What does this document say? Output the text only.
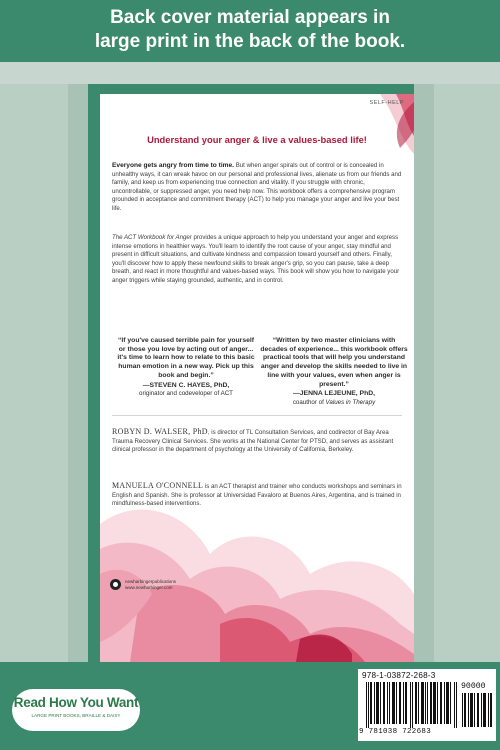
Back cover material appears in
large print in the back of the book.
SELF-HELP
Understand your anger & live a values-based life!

Everyone gets angry from time to time. But when anger spirals out of control or is concealed in unhealthy ways, it can wreak havoc on our personal and professional lives, alienate us from our friends and family, and keep us from experiencing true connection and vitality. If you struggle with chronic, uncontrollable, or suppressed anger, you need help now. This workbook offers a comprehensive program grounded in acceptance and commitment therapy (ACT) to help you manage your anger and live your best life.

The ACT Workbook for Anger provides a unique approach to help you understand your anger and express intense emotions in healthier ways. You'll learn to identify the root cause of your anger, stay mindful and present in difficult situations, and cultivate kindness and compassion toward yourself and others. Finally, you'll discover how to apply these newfound skills to break anger's grip, so you can pause, take a deep breath, and react in more thoughtful and values-based ways. This book will show you how to navigate your anger triggers while staying grounded, authentic, and in control.

“If you've caused terrible pain for yourself or those you love by acting out of anger... it's time to learn how to relate to this basic human emotion in a new way. Pick up this book and begin.”
—STEVEN C. HAYES, PhD,
originator and codeveloper of ACT
“Written by two master clinicians with decades of experience... this workbook offers practical tools that will help you understand anger and develop the skills needed to live in line with your values, even when anger is present.”
—JENNA LEJEUNE, PhD,
coauthor of Values in Therapy

ROBYN D. WALSER, PhD, is director of TL Consultation Services, and codirector of Bay Area Trauma Recovery Clinical Services. She works at the National Center for PTSD, and serves as assistant clinical professor in the department of psychology at the University of California, Berkeley.

MANUELA O'CONNELL is an ACT therapist and trainer who conducts workshops and seminars in English and Spanish. She is professor at Universidad Favaloro at Buenos Aires, Argentina, and is trained in mindfulness-based interventions.

newharbingerpublications
www.newharbinger.com
Read How You Want
LARGE PRINT BOOKS, BRAILLE & DAISY
978-1-03872-268-3
90000
9 781038 722683
